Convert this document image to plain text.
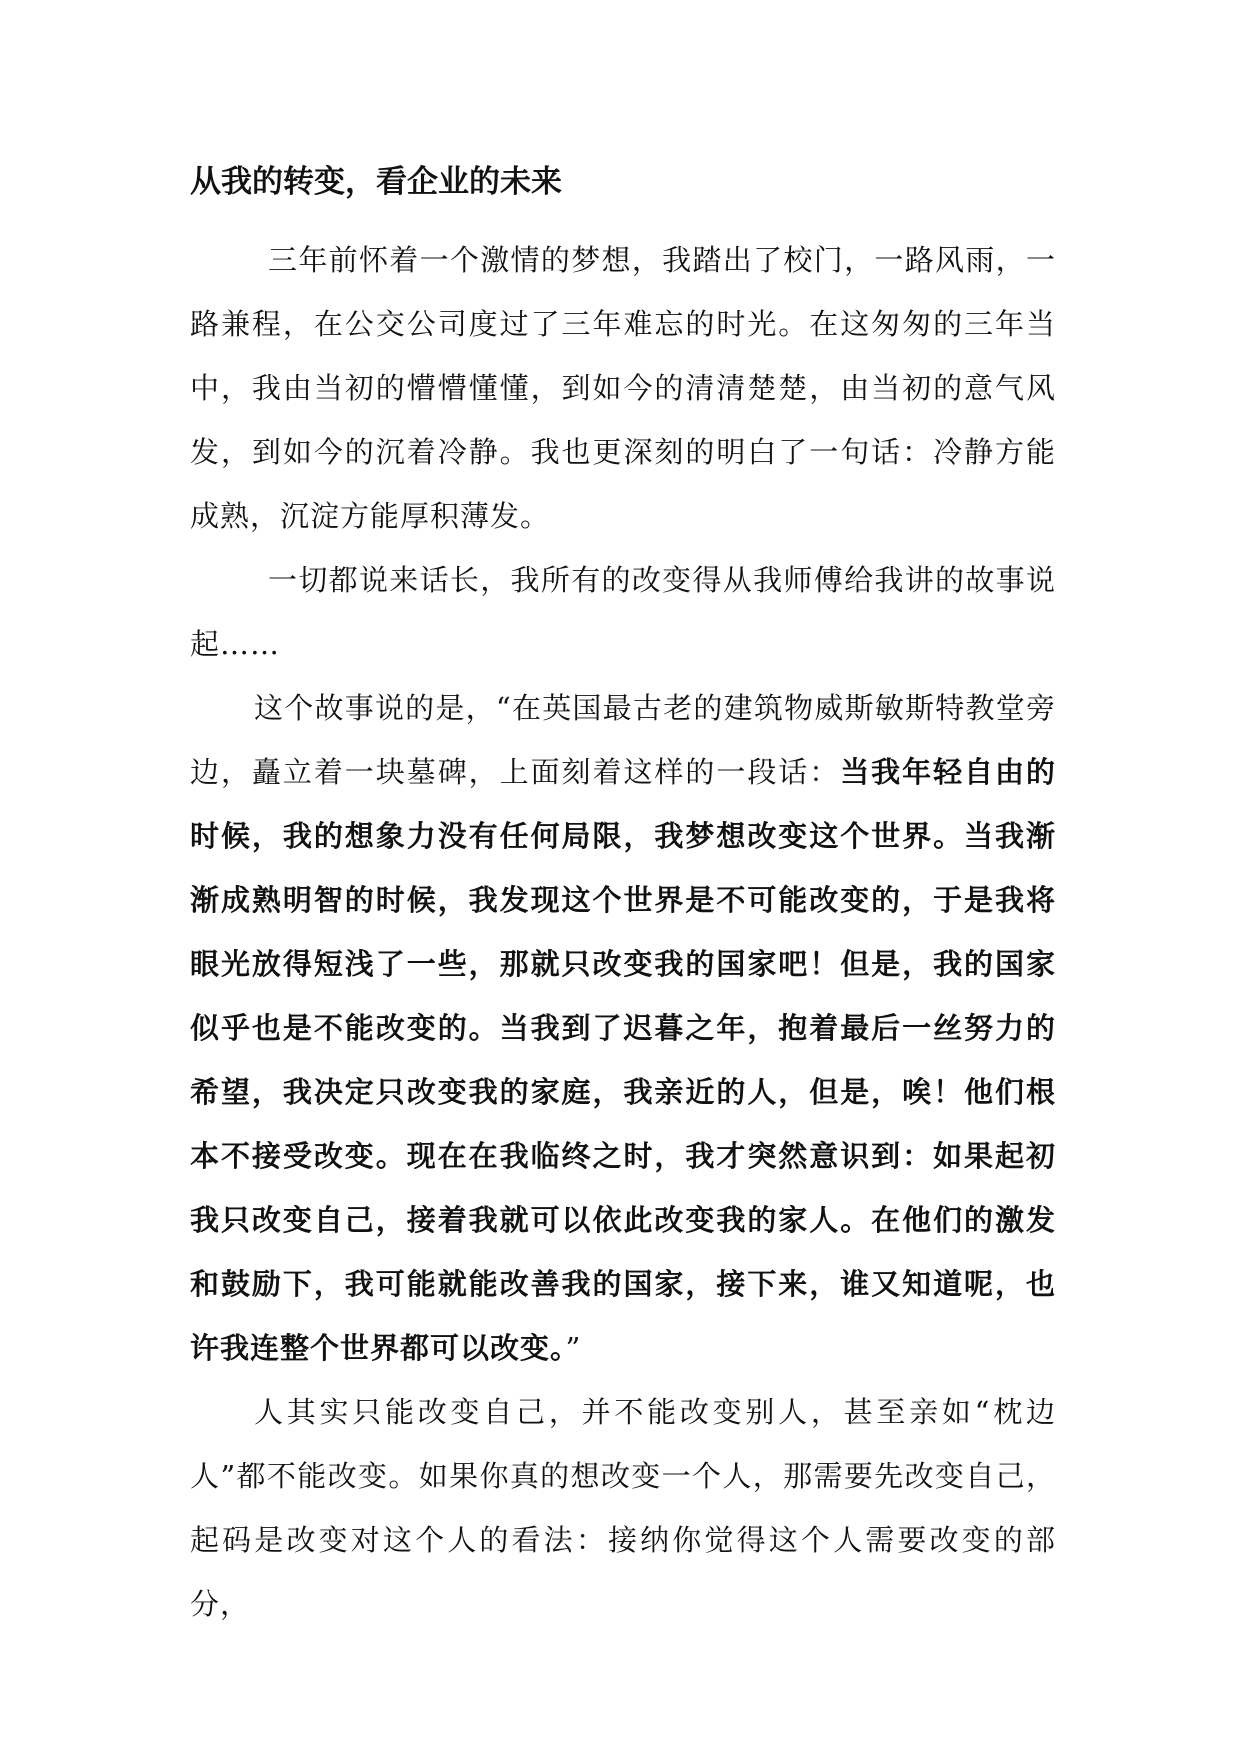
从我的转变，看企业的未来

三年前怀着一个激情的梦想，我踏出了校门，一路风雨，一路兼程，在公交公司度过了三年难忘的时光。在这匆匆的三年当中，我由当初的懵懵懂懂，到如今的清清楚楚，由当初的意气风发，到如今的沉着冷静。我也更深刻的明白了一句话：冷静方能成熟，沉淀方能厚积薄发。

一切都说来话长，我所有的改变得从我师傅给我讲的故事说起……

这个故事说的是，“在英国最古老的建筑物威斯敏斯特教堂旁边，矗立着一块墓碑，上面刻着这样的一段话：当我年轻自由的时候，我的想象力没有任何局限，我梦想改变这个世界。当我渐渐成熟明智的时候，我发现这个世界是不可能改变的，于是我将眼光放得短浅了一些，那就只改变我的国家吧！但是，我的国家似乎也是不能改变的。当我到了迟暮之年，抱着最后一丝努力的希望，我决定只改变我的家庭，我亲近的人，但是，唉！他们根本不接受改变。现在在我临终之时，我才突然意识到：如果起初我只改变自己，接着我就可以依此改变我的家人。在他们的激发和鼓励下，我可能就能改善我的国家，接下来，谁又知道呢，也许我连整个世界都可以改变。”

人其实只能改变自己，并不能改变别人，甚至亲如“枕边人”都不能改变。如果你真的想改变一个人，那需要先改变自己，起码是改变对这个人的看法：接纳你觉得这个人需要改变的部分，
